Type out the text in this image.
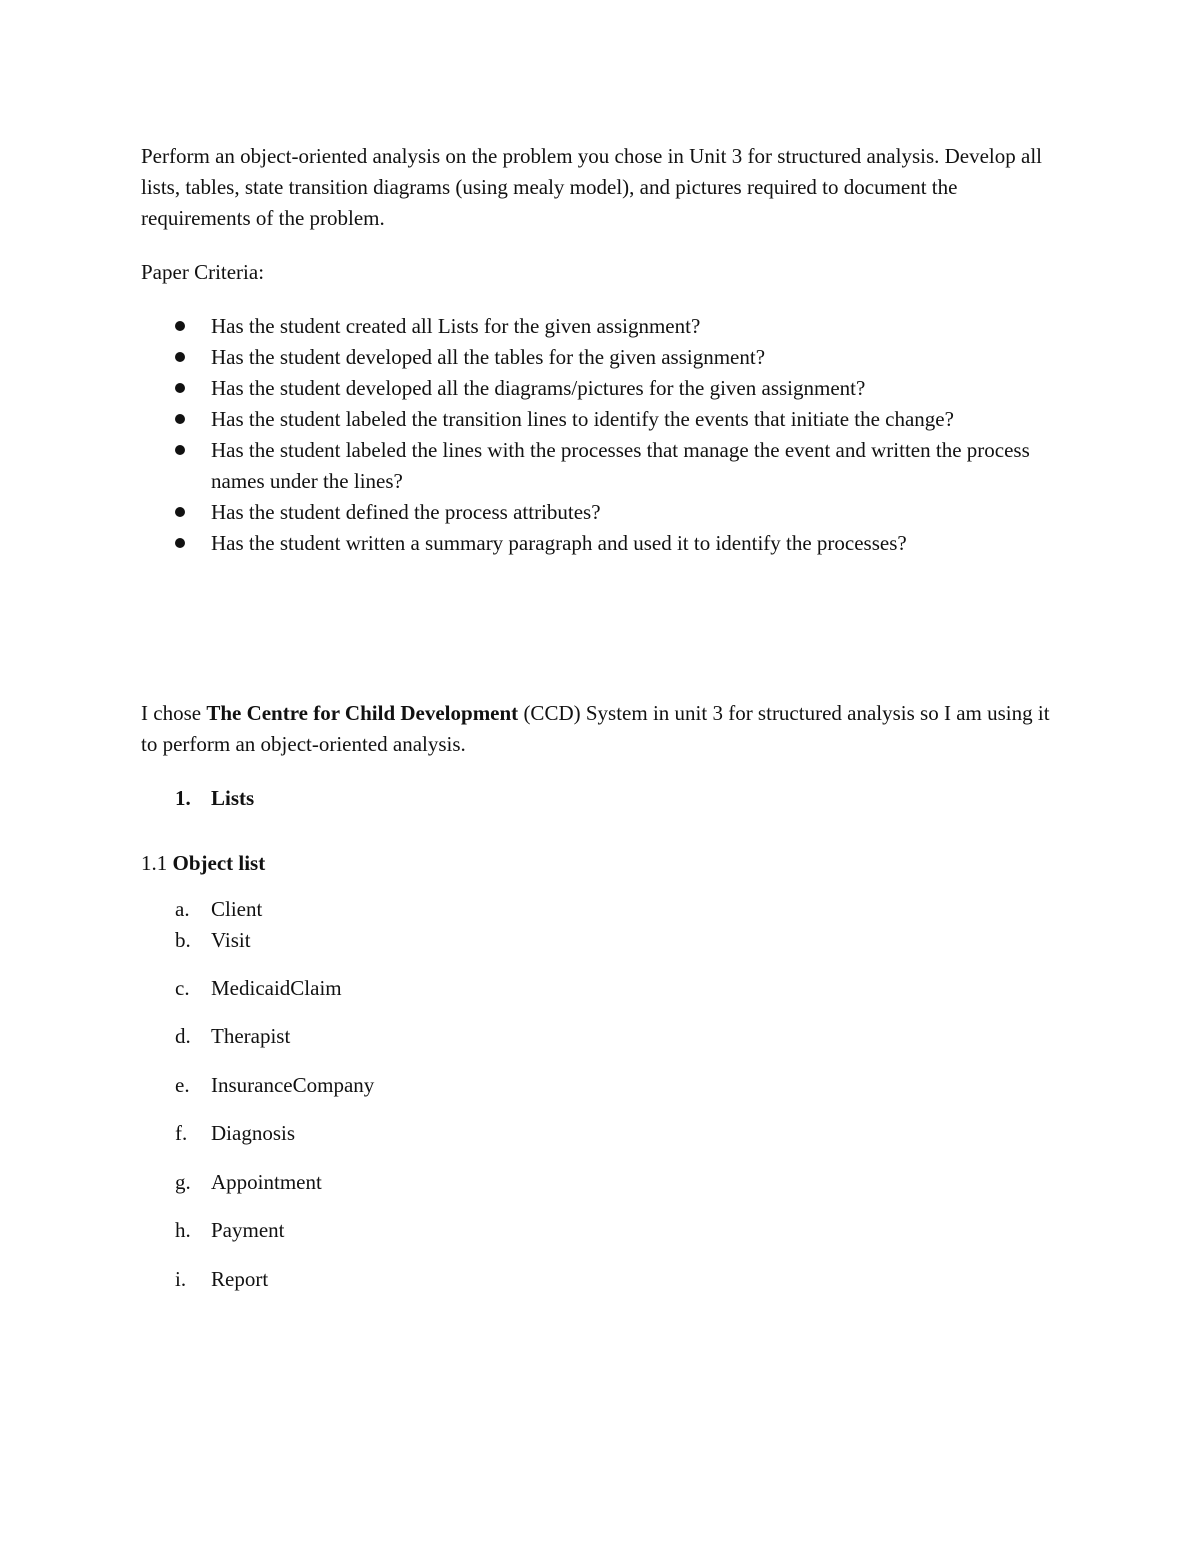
Perform an object-oriented analysis on the problem you chose in Unit 3 for structured analysis. Develop all lists, tables, state transition diagrams (using mealy model), and pictures required to document the requirements of the problem.

Paper Criteria:

Has the student created all Lists for the given assignment?
Has the student developed all the tables for the given assignment?
Has the student developed all the diagrams/pictures for the given assignment?
Has the student labeled the transition lines to identify the events that initiate the change?
Has the student labeled the lines with the processes that manage the event and written the process names under the lines?
Has the student defined the process attributes?
Has the student written a summary paragraph and used it to identify the processes?

I chose The Centre for Child Development (CCD) System in unit 3 for structured analysis so I am using it to perform an object-oriented analysis.

1. Lists
1.1 Object list
a. Client
b. Visit
c. MedicaidClaim
d. Therapist
e. InsuranceCompany
f. Diagnosis
g. Appointment
h. Payment
i. Report
